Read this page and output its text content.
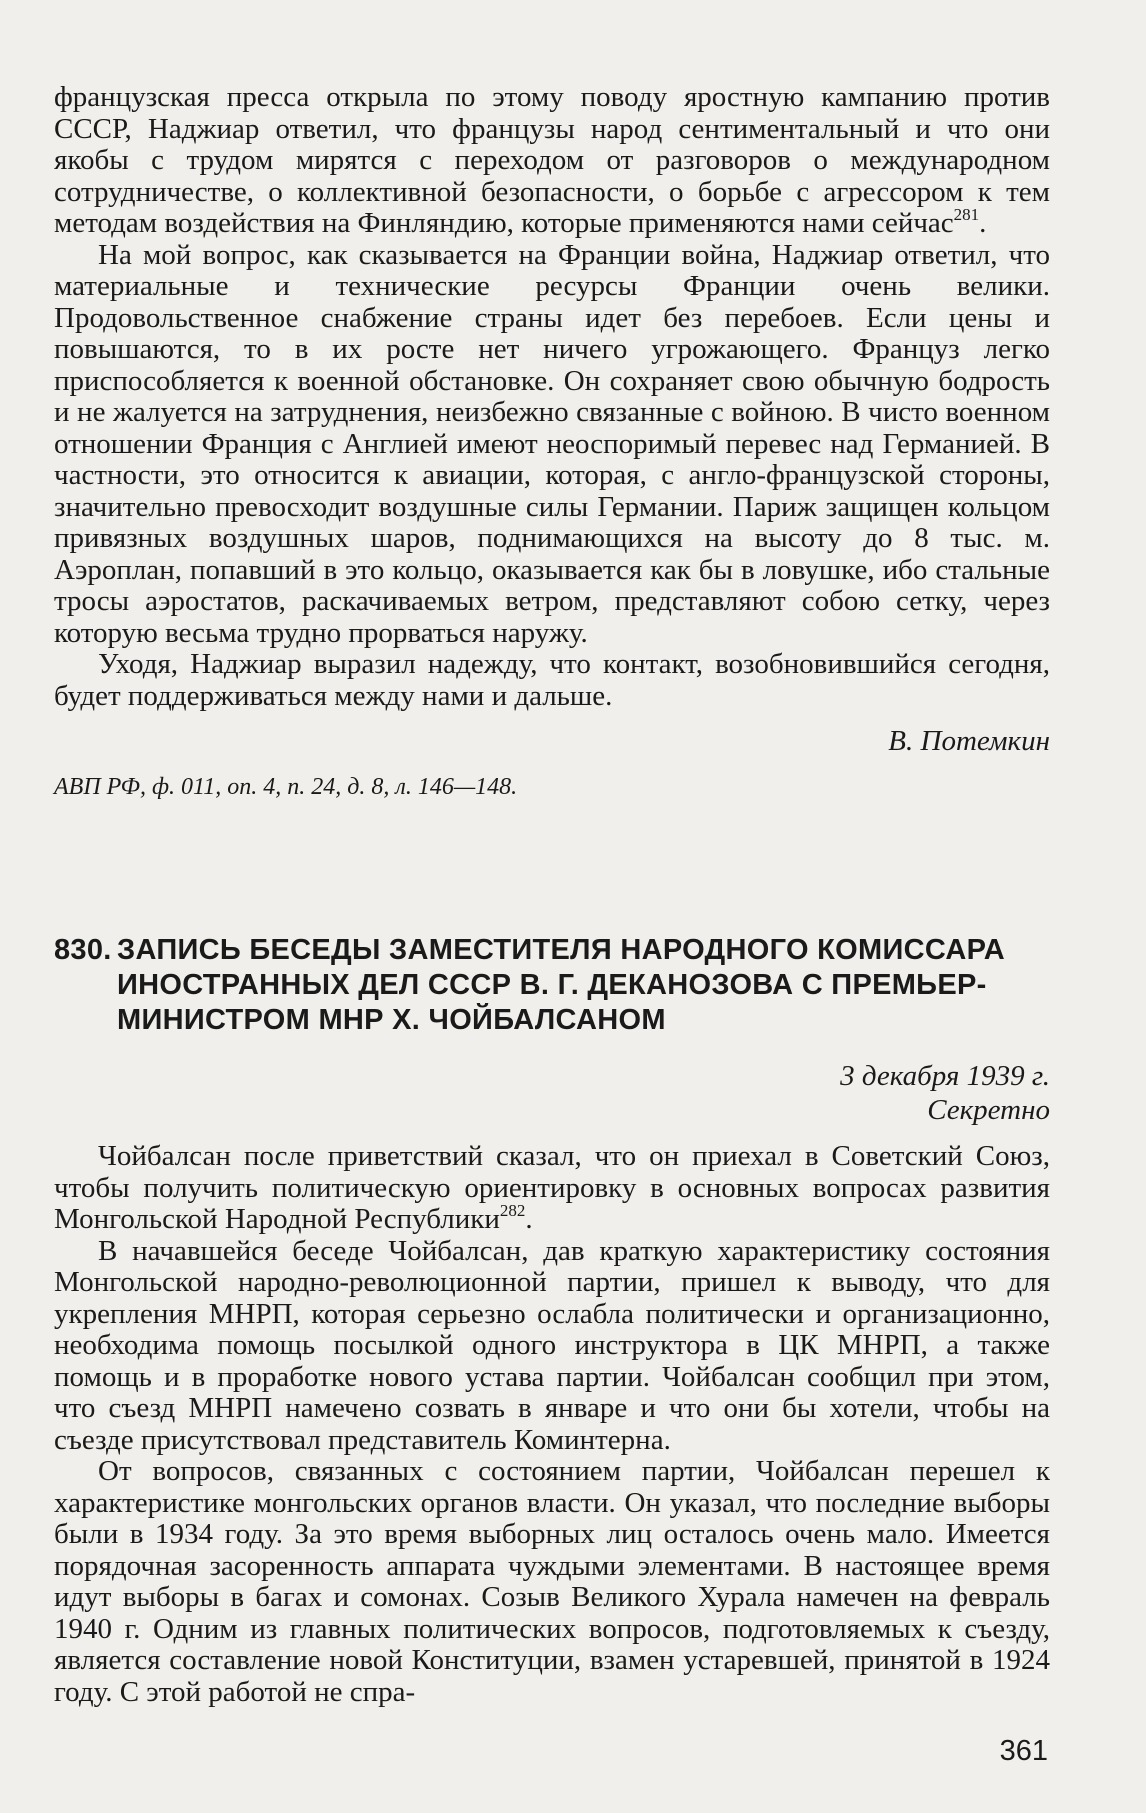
французская пресса открыла по этому поводу яростную кампанию против СССР, Наджиар ответил, что французы народ сентиментальный и что они якобы с трудом мирятся с переходом от разговоров о международном сотрудничестве, о коллективной безопасности, о борьбе с агрессором к тем методам воздействия на Финляндию, которые применяются нами сейчас$^{281}$.

На мой вопрос, как сказывается на Франции война, Наджиар ответил, что материальные и технические ресурсы Франции очень велики. Продовольственное снабжение страны идет без перебоев. Если цены и повышаются, то в их росте нет ничего угрожающего. Француз легко приспособляется к военной обстановке. Он сохраняет свою обычную бодрость и не жалуется на затруднения, неизбежно связанные с войною. В чисто военном отношении Франция с Англией имеют неоспоримый перевес над Германией. В частности, это относится к авиации, которая, с англо-французской стороны, значительно превосходит воздушные силы Германии. Париж защищен кольцом привязных воздушных шаров, поднимающихся на высоту до 8 тыс. м. Аэроплан, попавший в это кольцо, оказывается как бы в ловушке, ибо стальные тросы аэростатов, раскачиваемых ветром, представляют собою сетку, через которую весьма трудно прорваться наружу.

Уходя, Наджиар выразил надежду, что контакт, возобновившийся сегодня, будет поддерживаться между нами и дальше.

В. Потемкин
АВП РФ, ф. 011, оп. 4, п. 24, д. 8, л. 146—148.
830. ЗАПИСЬ БЕСЕДЫ ЗАМЕСТИТЕЛЯ НАРОДНОГО КОМИССАРА
ИНОСТРАННЫХ ДЕЛ СССР В. Г. ДЕКАНОЗОВА С ПРЕМЬЕР-
МИНИСТРОМ МНР Х. ЧОЙБАЛСАНОМ
3 декабря 1939 г.
Секретно

Чойбалсан после приветствий сказал, что он приехал в Советский Союз, чтобы получить политическую ориентировку в основных вопросах развития Монгольской Народной Республики$^{282}$.

В начавшейся беседе Чойбалсан, дав краткую характеристику состояния Монгольской народно-революционной партии, пришел к выводу, что для укрепления МНРП, которая серьезно ослабла политически и организационно, необходима помощь посылкой одного инструктора в ЦК МНРП, а также помощь и в проработке нового устава партии. Чойбалсан сообщил при этом, что съезд МНРП намечено созвать в январе и что они бы хотели, чтобы на съезде присутствовал представитель Коминтерна.

От вопросов, связанных с состоянием партии, Чойбалсан перешел к характеристике монгольских органов власти. Он указал, что последние выборы были в 1934 году. За это время выборных лиц осталось очень мало. Имеется порядочная засоренность аппарата чуждыми элементами. В настоящее время идут выборы в багах и сомонах. Созыв Великого Хурала намечен на февраль 1940 г. Одним из главных политических вопросов, подготовляемых к съезду, является составление новой Конституции, взамен устаревшей, принятой в 1924 году. С этой работой не спра-

361
